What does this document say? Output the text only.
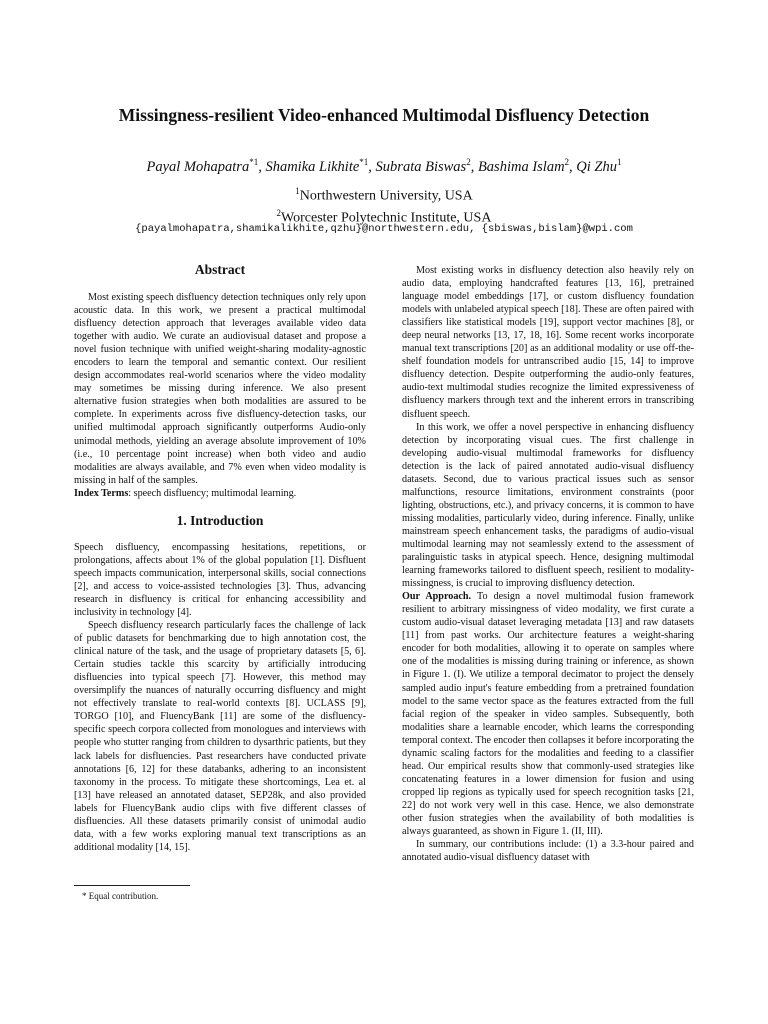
Missingness-resilient Video-enhanced Multimodal Disfluency Detection
Payal Mohapatra$^{*1}$, Shamika Likhite$^{*1}$, Subrata Biswas$^2$, Bashima Islam$^2$, Qi Zhu$^1$
$^1$Northwestern University, USA
$^2$Worcester Polytechnic Institute, USA
{payalmohapatra,shamikalikhite,qzhu}@northwestern.edu, {sbiswas,bislam}@wpi.com
Abstract

Most existing speech disfluency detection techniques only rely upon acoustic data. In this work, we present a practical multimodal disfluency detection approach that leverages available video data together with audio. We curate an audiovisual dataset and propose a novel fusion technique with unified weight-sharing modality-agnostic encoders to learn the temporal and semantic context. Our resilient design accommodates real-world scenarios where the video modality may sometimes be missing during inference. We also present alternative fusion strategies when both modalities are assured to be complete. In experiments across five disfluency-detection tasks, our unified multimodal approach significantly outperforms Audio-only unimodal methods, yielding an average absolute improvement of 10% (i.e., 10 percentage point increase) when both video and audio modalities are always available, and 7% even when video modality is missing in half of the samples.

Index Terms: speech disfluency; multimodal learning.

1. Introduction

Speech disfluency, encompassing hesitations, repetitions, or prolongations, affects about 1% of the global population [1]. Disfluent speech impacts communication, interpersonal skills, social connections [2], and access to voice-assisted technologies [3]. Thus, advancing research in disfluency is critical for enhancing accessibility and inclusivity in technology [4].

Speech disfluency research particularly faces the challenge of lack of public datasets for benchmarking due to high annotation cost, the clinical nature of the task, and the usage of proprietary datasets [5, 6]. Certain studies tackle this scarcity by artificially introducing disfluencies into typical speech [7]. However, this method may oversimplify the nuances of naturally occurring disfluency and might not effectively translate to real-world contexts [8]. UCLASS [9], TORGO [10], and FluencyBank [11] are some of the disfluency-specific speech corpora collected from monologues and interviews with people who stutter ranging from children to dysarthric patients, but they lack labels for disfluencies. Past researchers have conducted private annotations [6, 12] for these databanks, adhering to an inconsistent taxonomy in the process. To mitigate these shortcomings, Lea et. al [13] have released an annotated dataset, SEP28k, and also provided labels for FluencyBank audio clips with five different classes of disfluencies. All these datasets primarily consist of unimodal audio data, with a few works exploring manual text transcriptions as an additional modality [14, 15].

Most existing works in disfluency detection also heavily rely on audio data, employing handcrafted features [13, 16], pretrained language model embeddings [17], or custom disfluency foundation models with unlabeled atypical speech [18]. These are often paired with classifiers like statistical models [19], support vector machines [8], or deep neural networks [13, 17, 18, 16]. Some recent works incorporate manual text transcriptions [20] as an additional modality or use off-the-shelf foundation models for untranscribed audio [15, 14] to improve disfluency detection. Despite outperforming the audio-only features, audio-text multimodal studies recognize the limited expressiveness of disfluency markers through text and the inherent errors in transcribing disfluent speech.

In this work, we offer a novel perspective in enhancing disfluency detection by incorporating visual cues. The first challenge in developing audio-visual multimodal frameworks for disfluency detection is the lack of paired annotated audio-visual disfluency datasets. Second, due to various practical issues such as sensor malfunctions, resource limitations, environment constraints (poor lighting, obstructions, etc.), and privacy concerns, it is common to have missing modalities, particularly video, during inference. Finally, unlike mainstream speech enhancement tasks, the paradigms of audio-visual multimodal learning may not seamlessly extend to the assessment of paralinguistic tasks in atypical speech. Hence, designing multimodal learning frameworks tailored to disfluent speech, resilient to modality-missingness, is crucial to improving disfluency detection.

Our Approach. To design a novel multimodal fusion framework resilient to arbitrary missingness of video modality, we first curate a custom audio-visual dataset leveraging metadata [13] and raw datasets [11] from past works. Our architecture features a weight-sharing encoder for both modalities, allowing it to operate on samples where one of the modalities is missing during training or inference, as shown in Figure 1. (I). We utilize a temporal decimator to project the densely sampled audio input's feature embedding from a pretrained foundation model to the same vector space as the features extracted from the full facial region of the speaker in video samples. Subsequently, both modalities share a learnable encoder, which learns the corresponding temporal context. The encoder then collapses it before incorporating the dynamic scaling factors for the modalities and feeding to a classifier head. Our empirical results show that commonly-used strategies like concatenating features in a lower dimension for fusion and using cropped lip regions as typically used for speech recognition tasks [21, 22] do not work very well in this case. Hence, we also demonstrate other fusion strategies when the availability of both modalities is always guaranteed, as shown in Figure 1. (II, III).

In summary, our contributions include: (1) a 3.3-hour paired and annotated audio-visual disfluency dataset with

* Equal contribution.
